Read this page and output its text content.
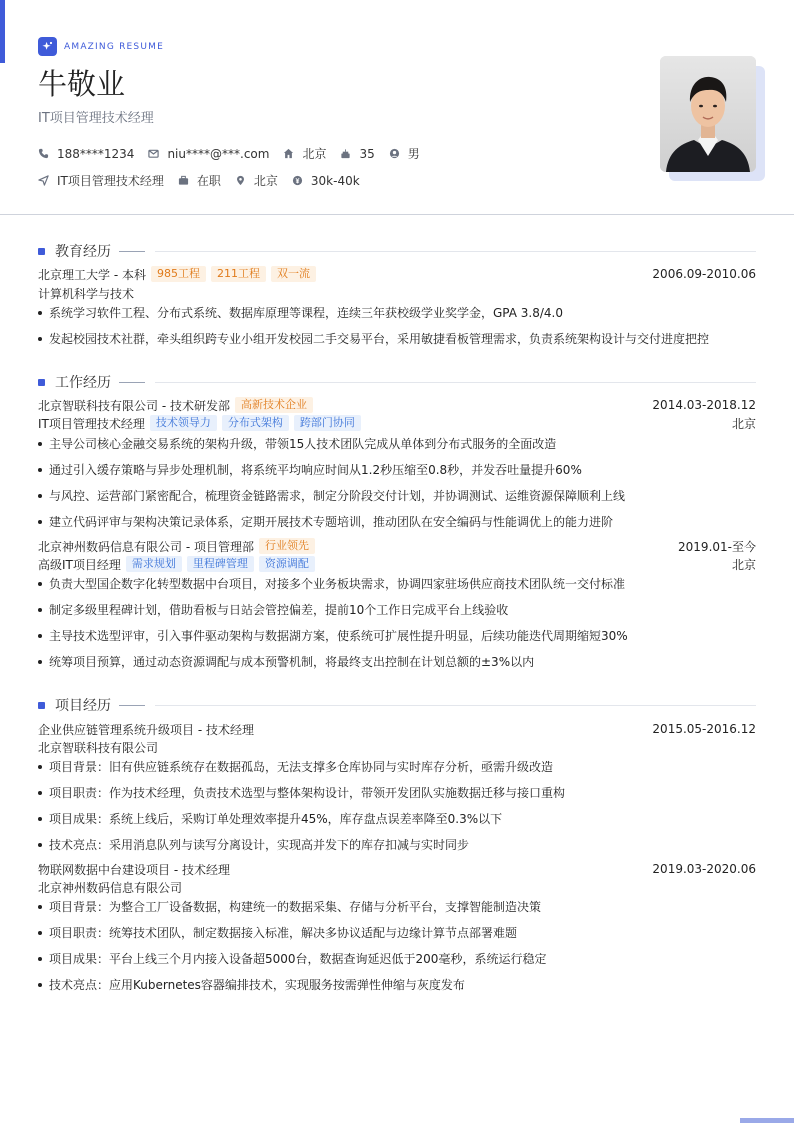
AMAZING RESUME
牛敬业
IT项目管理技术经理
188****1234	niu****@***.com	北京	35	男
IT项目管理技术经理	在职	北京	30k-40k
教育经历
北京理工大学 - 本科	985工程	211工程	双一流	2006.09-2010.06
计算机科学与技术
系统学习软件工程、分布式系统、数据库原理等课程，连续三年获校级学业奖学金，GPA 3.8/4.0
发起校园技术社群，牵头组织跨专业小组开发校园二手交易平台，采用敏捷看板管理需求，负责系统架构设计与交付进度把控
工作经历
北京智联科技有限公司 - 技术研发部	高新技术企业	2014.03-2018.12
IT项目管理技术经理	技术领导力	分布式架构	跨部门协同	北京
主导公司核心金融交易系统的架构升级，带领15人技术团队完成从单体到分布式服务的全面改造
通过引入缓存策略与异步处理机制，将系统平均响应时间从1.2秒压缩至0.8秒，并发吞吐量提升60%
与风控、运营部门紧密配合，梳理资金链路需求，制定分阶段交付计划，并协调测试、运维资源保障顺利上线
建立代码评审与架构决策记录体系，定期开展技术专题培训，推动团队在安全编码与性能调优上的能力进阶
北京神州数码信息有限公司 - 项目管理部	行业领先	2019.01-至今
高级IT项目经理	需求规划	里程碑管理	资源调配	北京
负责大型国企数字化转型数据中台项目，对接多个业务板块需求，协调四家驻场供应商技术团队统一交付标准
制定多级里程碑计划，借助看板与日站会管控偏差，提前10个工作日完成平台上线验收
主导技术选型评审，引入事件驱动架构与数据湖方案，使系统可扩展性提升明显，后续功能迭代周期缩短30%
统筹项目预算，通过动态资源调配与成本预警机制，将最终支出控制在计划总额的±3%以内
项目经历
企业供应链管理系统升级项目 - 技术经理	2015.05-2016.12
北京智联科技有限公司
项目背景：旧有供应链系统存在数据孤岛，无法支撑多仓库协同与实时库存分析，亟需升级改造
项目职责：作为技术经理，负责技术选型与整体架构设计，带领开发团队实施数据迁移与接口重构
项目成果：系统上线后，采购订单处理效率提升45%，库存盘点误差率降至0.3%以下
技术亮点：采用消息队列与读写分离设计，实现高并发下的库存扣减与实时同步
物联网数据中台建设项目 - 技术经理	2019.03-2020.06
北京神州数码信息有限公司
项目背景：为整合工厂设备数据，构建统一的数据采集、存储与分析平台，支撑智能制造决策
项目职责：统筹技术团队，制定数据接入标准，解决多协议适配与边缘计算节点部署难题
项目成果：平台上线三个月内接入设备超5000台，数据查询延迟低于200毫秒，系统运行稳定
技术亮点：应用Kubernetes容器编排技术，实现服务按需弹性伸缩与灰度发布
